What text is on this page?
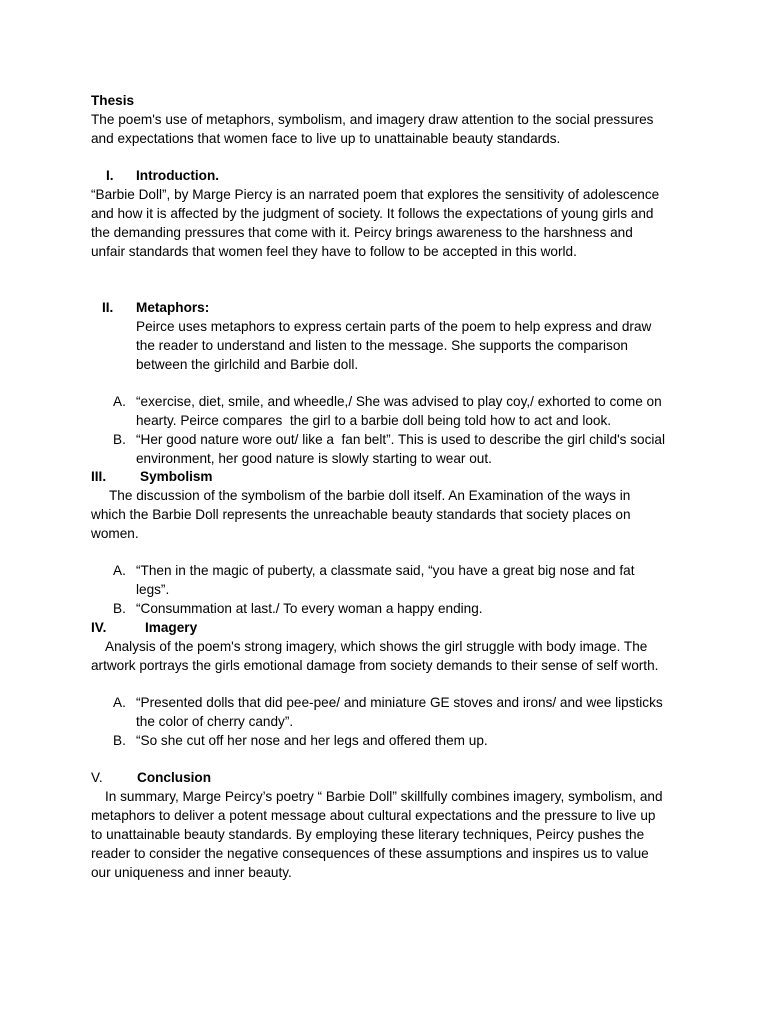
Thesis
The poem's use of metaphors, symbolism, and imagery draw attention to the social pressures
and expectations that women face to live up to unattainable beauty standards.
I. Introduction.
“Barbie Doll”, by Marge Piercy is an narrated poem that explores the sensitivity of adolescence
and how it is affected by the judgment of society. It follows the expectations of young girls and
the demanding pressures that come with it. Peircy brings awareness to the harshness and
unfair standards that women feel they have to follow to be accepted in this world.
II. Metaphors:
Peirce uses metaphors to express certain parts of the poem to help express and draw
the reader to understand and listen to the message. She supports the comparison
between the girlchild and Barbie doll.
A. “exercise, diet, smile, and wheedle,/ She was advised to play coy,/ exhorted to come on
hearty. Peirce compares  the girl to a barbie doll being told how to act and look.
B. “Her good nature wore out/ like a  fan belt”. This is used to describe the girl child's social
environment, her good nature is slowly starting to wear out.
III. Symbolism
The discussion of the symbolism of the barbie doll itself. An Examination of the ways in
which the Barbie Doll represents the unreachable beauty standards that society places on
women.
A. “Then in the magic of puberty, a classmate said, “you have a great big nose and fat
legs”.
B. “Consummation at last./ To every woman a happy ending.
IV.	Imagery
Analysis of the poem's strong imagery, which shows the girl struggle with body image. The
artwork portrays the girls emotional damage from society demands to their sense of self worth.
A. “Presented dolls that did pee-pee/ and miniature GE stoves and irons/ and wee lipsticks
the color of cherry candy”.
B. “So she cut off her nose and her legs and offered them up.
V.	Conclusion
In summary, Marge Peircy’s poetry “ Barbie Doll” skillfully combines imagery, symbolism, and
metaphors to deliver a potent message about cultural expectations and the pressure to live up
to unattainable beauty standards. By employing these literary techniques, Peircy pushes the
reader to consider the negative consequences of these assumptions and inspires us to value
our uniqueness and inner beauty.
